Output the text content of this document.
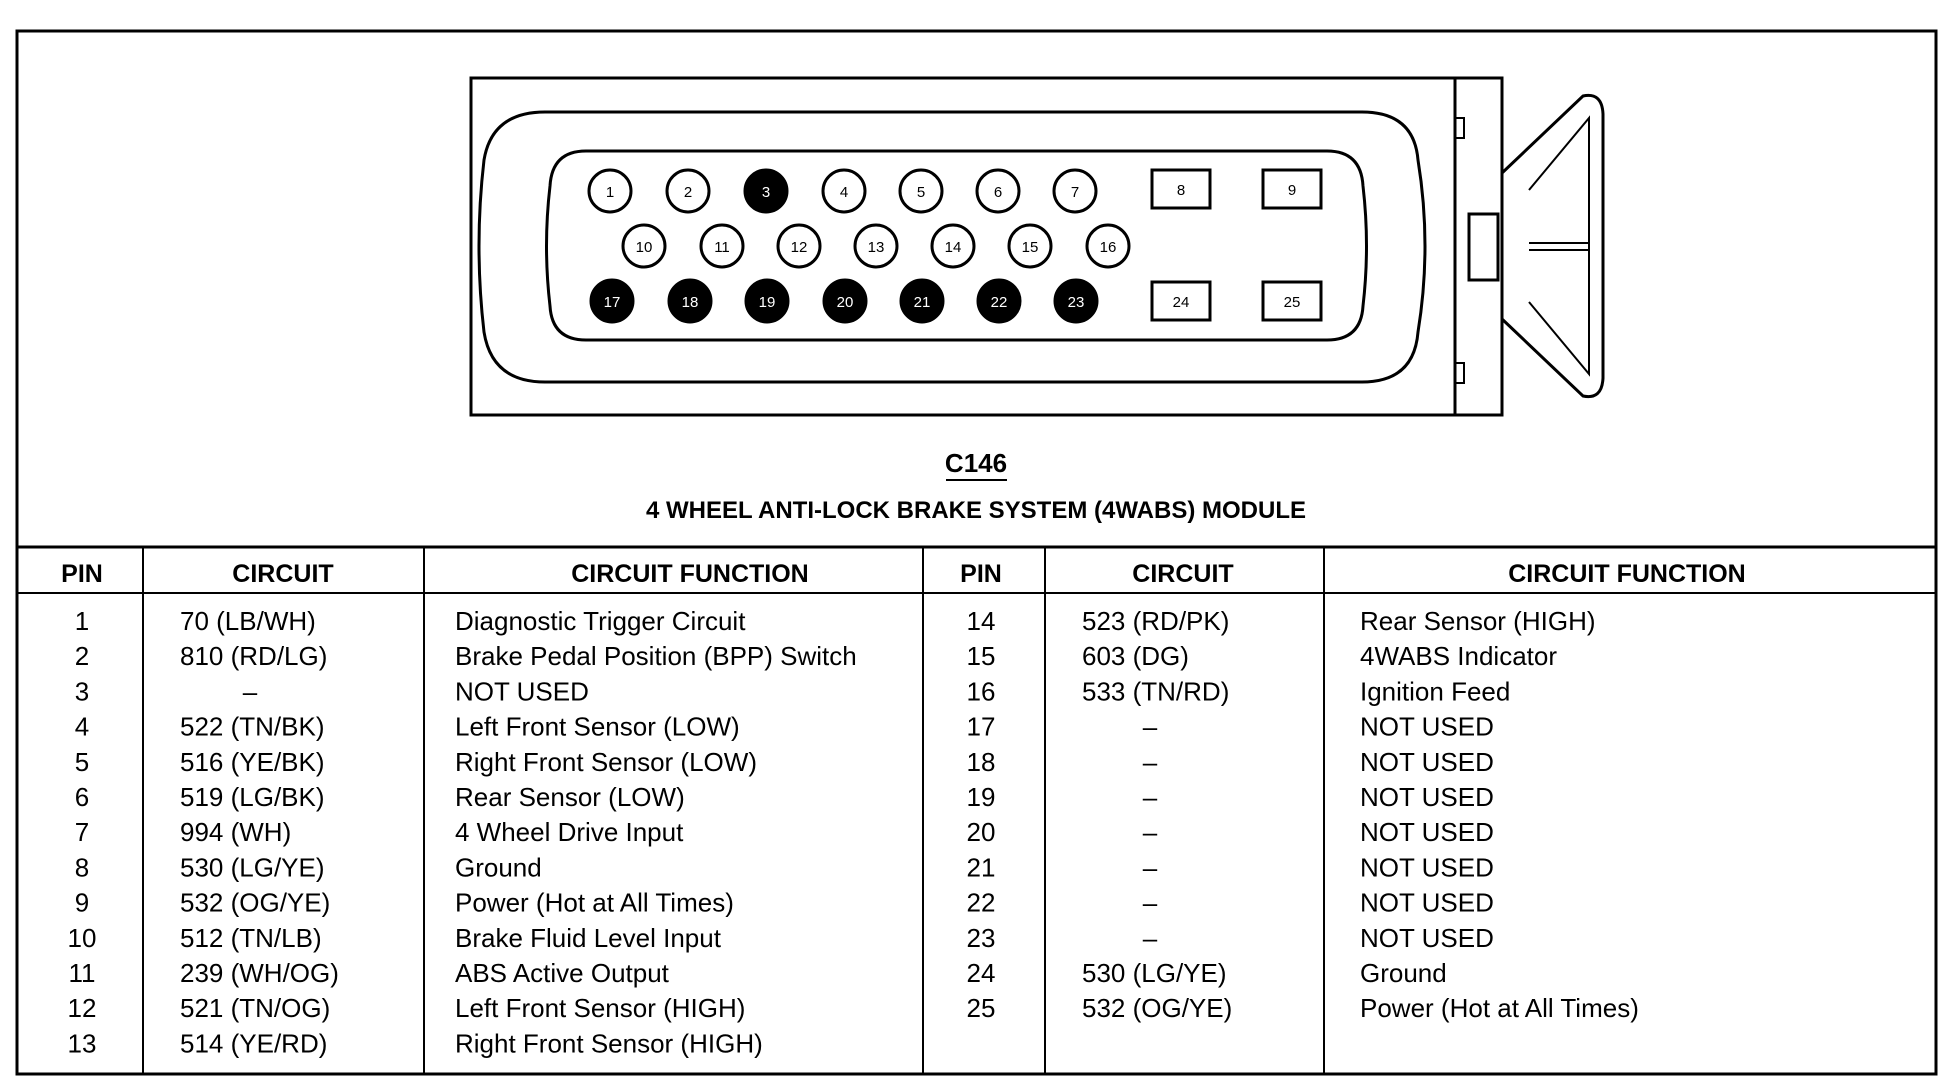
1	2	3	4	5	6	7	8	9
10	11	12	13	14	15	16
17	18	19	20	21	22	23	24	25
C146
4 WHEEL ANTI-LOCK BRAKE SYSTEM (4WABS) MODULE
PIN	CIRCUIT	CIRCUIT FUNCTION	PIN	CIRCUIT	CIRCUIT FUNCTION
1	70 (LB/WH)	Diagnostic Trigger Circuit
2	810 (RD/LG)	Brake Pedal Position (BPP) Switch
3	–	NOT USED
4	522 (TN/BK)	Left Front Sensor (LOW)
5	516 (YE/BK)	Right Front Sensor (LOW)
6	519 (LG/BK)	Rear Sensor (LOW)
7	994 (WH)	4 Wheel Drive Input
8	530 (LG/YE)	Ground
9	532 (OG/YE)	Power (Hot at All Times)
10	512 (TN/LB)	Brake Fluid Level Input
11	239 (WH/OG)	ABS Active Output
12	521 (TN/OG)	Left Front Sensor (HIGH)
13	514 (YE/RD)	Right Front Sensor (HIGH)
14	523 (RD/PK)	Rear Sensor (HIGH)
15	603 (DG)	4WABS Indicator
16	533 (TN/RD)	Ignition Feed
17	–	NOT USED
18	–	NOT USED
19	–	NOT USED
20	–	NOT USED
21	–	NOT USED
22	–	NOT USED
23	–	NOT USED
24	530 (LG/YE)	Ground
25	532 (OG/YE)	Power (Hot at All Times)
